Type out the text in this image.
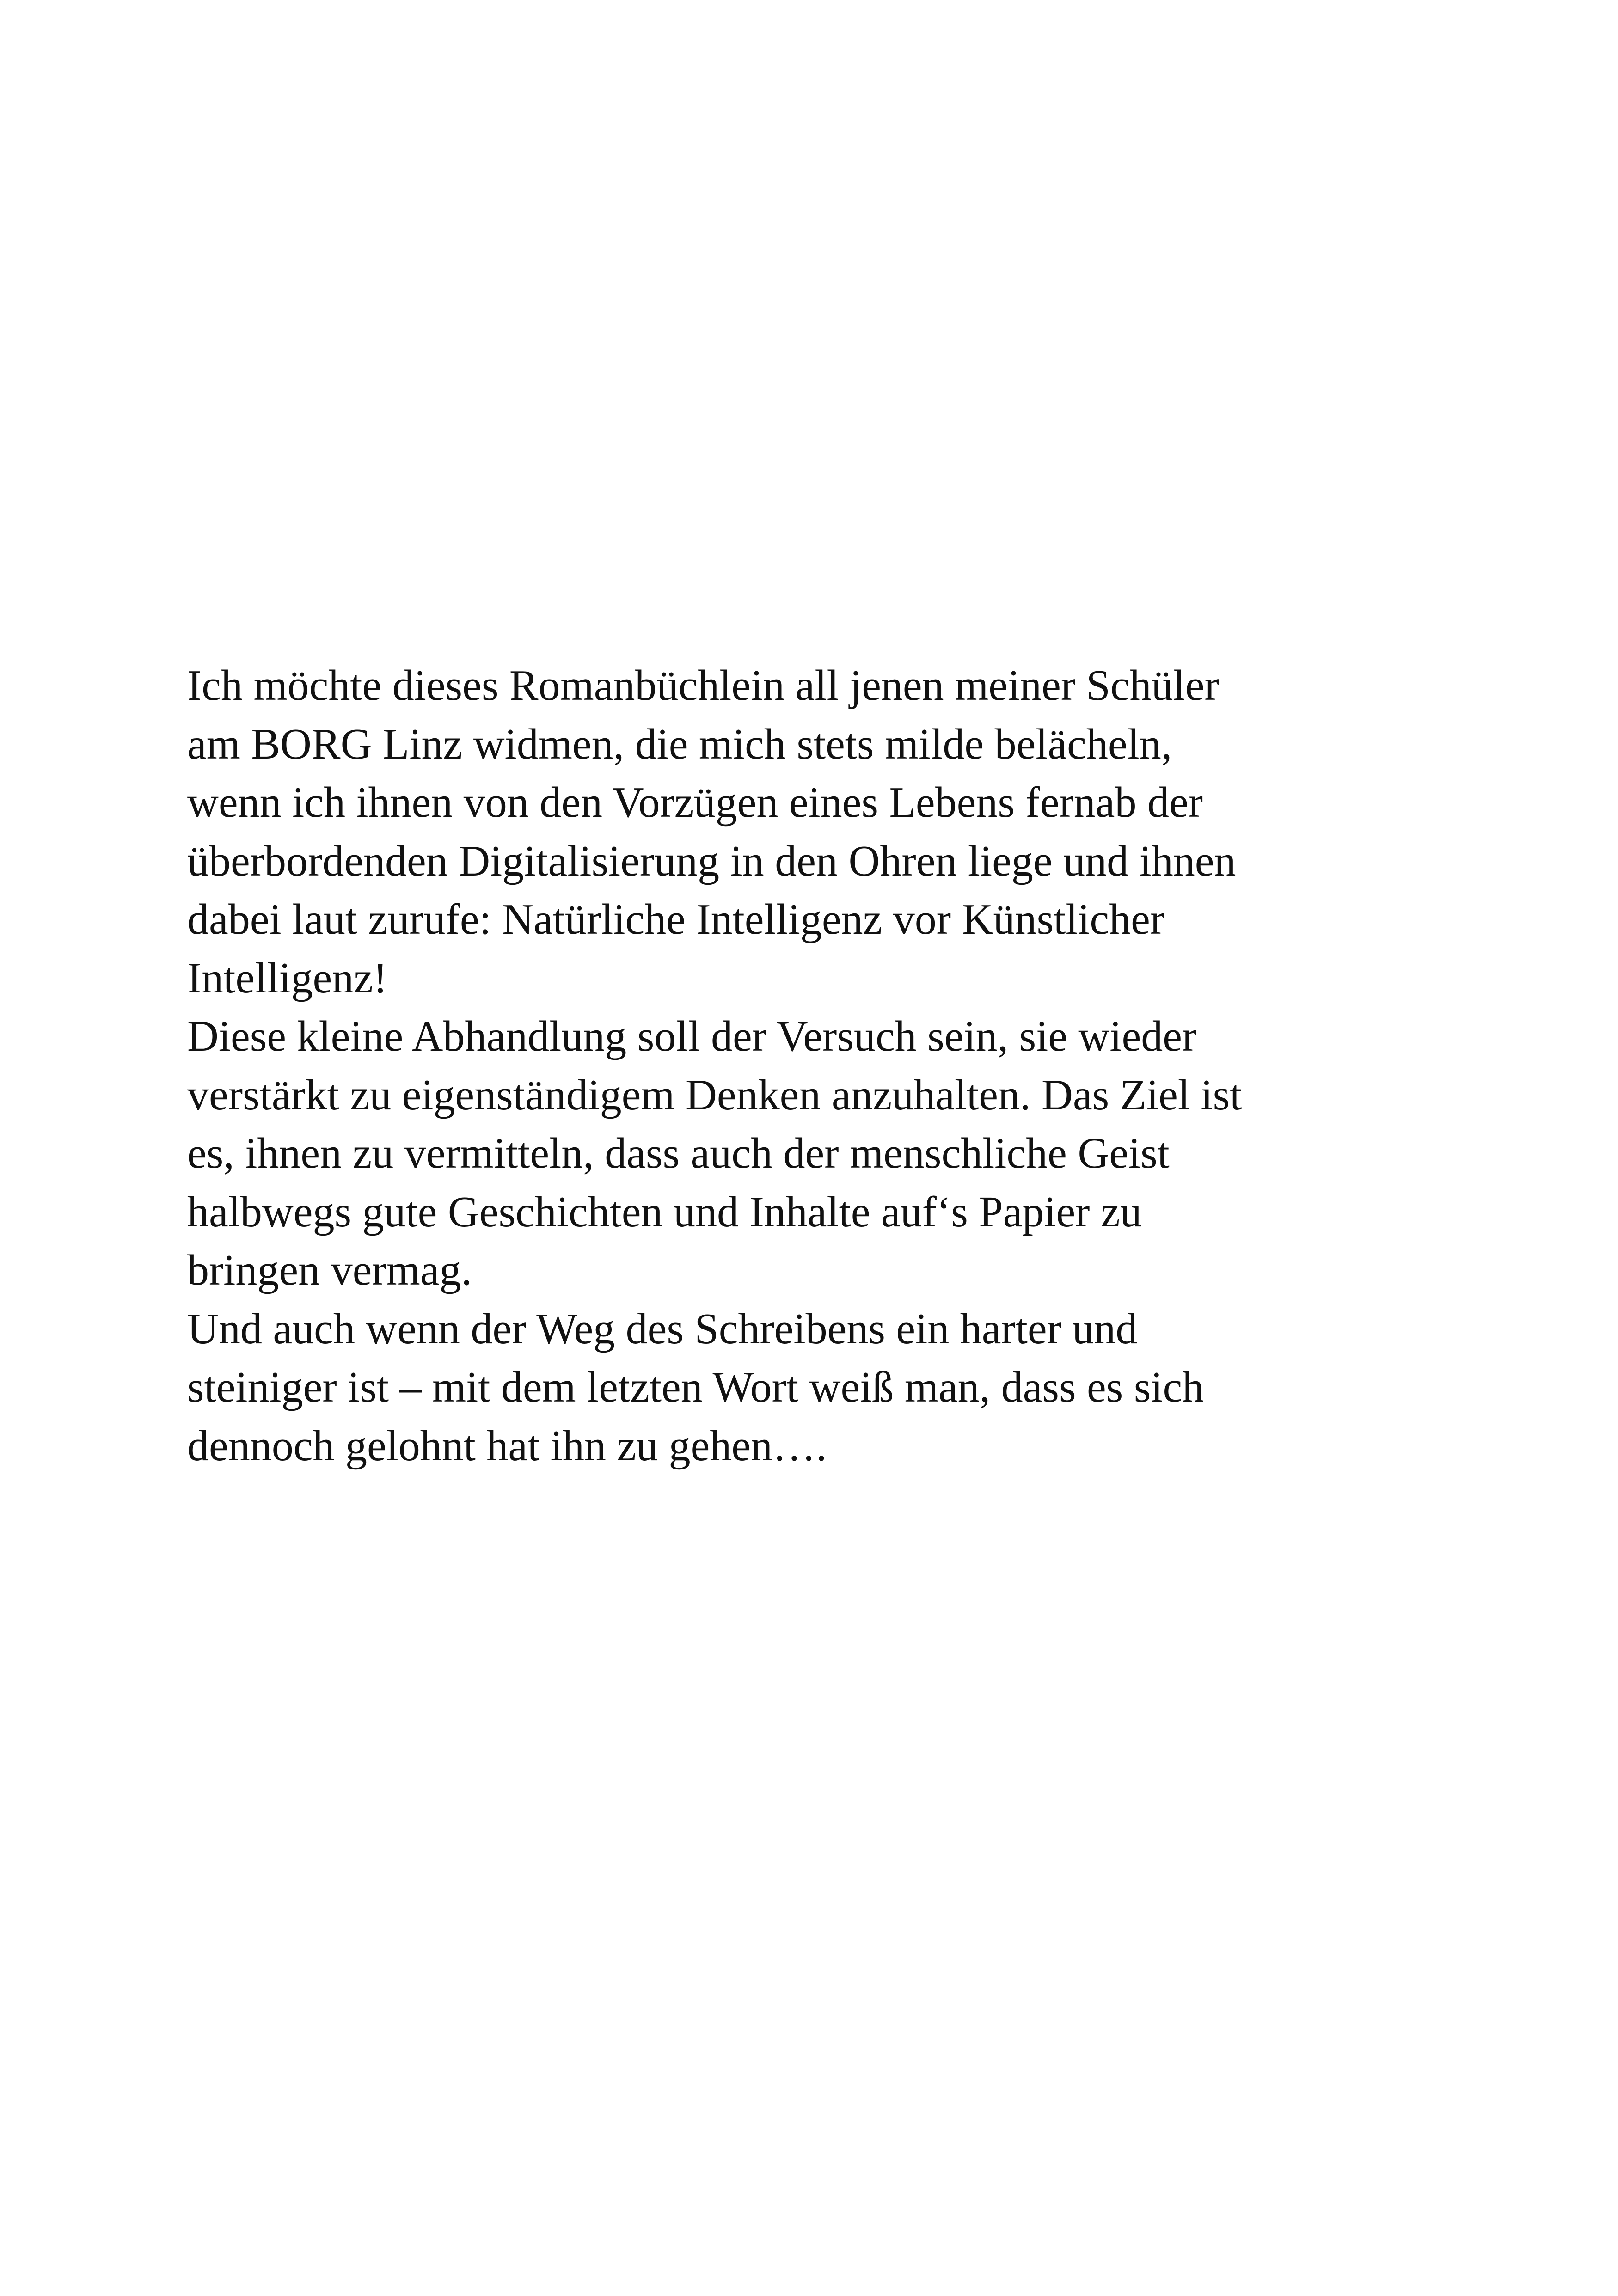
Ich möchte dieses Romanbüchlein all jenen meiner Schüler
am BORG Linz widmen, die mich stets milde belächeln,
wenn ich ihnen von den Vorzügen eines Lebens fernab der
überbordenden Digitalisierung in den Ohren liege und ihnen
dabei laut zurufe: Natürliche Intelligenz vor Künstlicher
Intelligenz!
Diese kleine Abhandlung soll der Versuch sein, sie wieder
verstärkt zu eigenständigem Denken anzuhalten. Das Ziel ist
es, ihnen zu vermitteln, dass auch der menschliche Geist
halbwegs gute Geschichten und Inhalte auf‘s Papier zu
bringen vermag.
Und auch wenn der Weg des Schreibens ein harter und
steiniger ist – mit dem letzten Wort weiß man, dass es sich
dennoch gelohnt hat ihn zu gehen….
